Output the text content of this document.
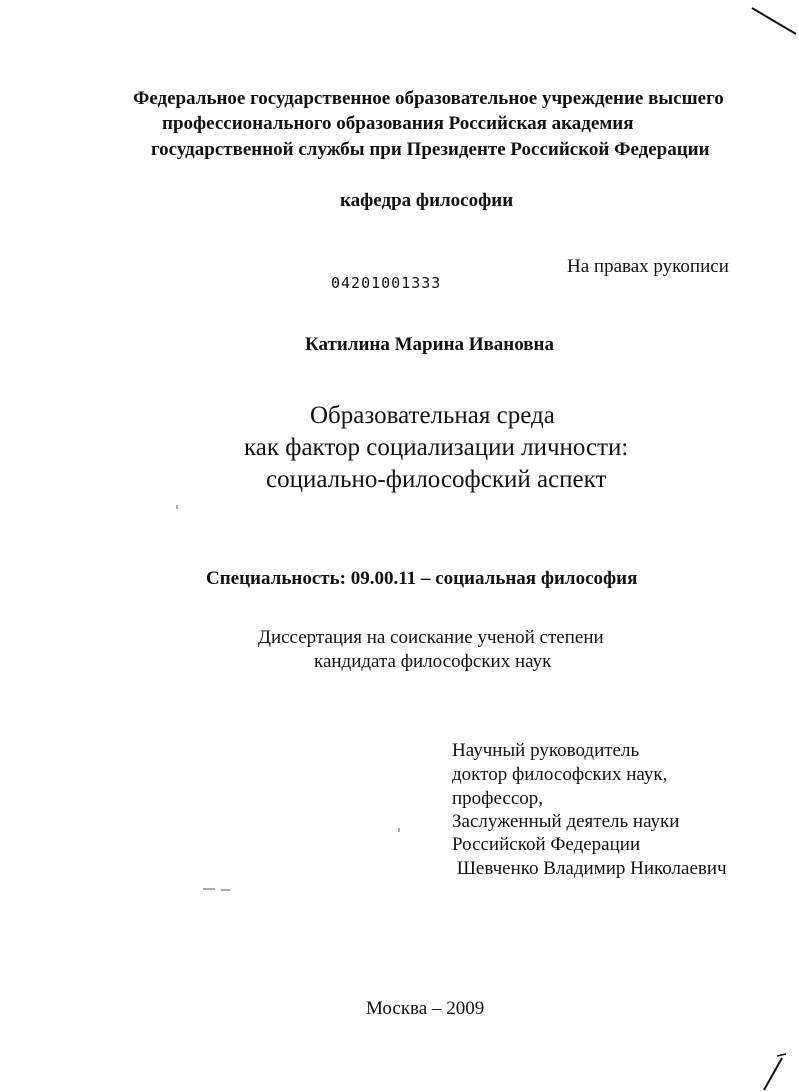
Федеральное государственное образовательное учреждение высшего
профессионального образования Российская академия
государственной службы при Президенте Российской Федерации
кафедра философии
На правах рукописи
04201001333
Катилина Марина Ивановна
Образовательная среда
как фактор социализации личности:
социально-философский аспект
Специальность: 09.00.11 – социальная философия
Диссертация на соискание ученой степени
кандидата философских наук
Научный руководитель
доктор философских наук,
профессор,
Заслуженный деятель науки
Российской Федерации
Шевченко Владимир Николаевич
Москва – 2009
